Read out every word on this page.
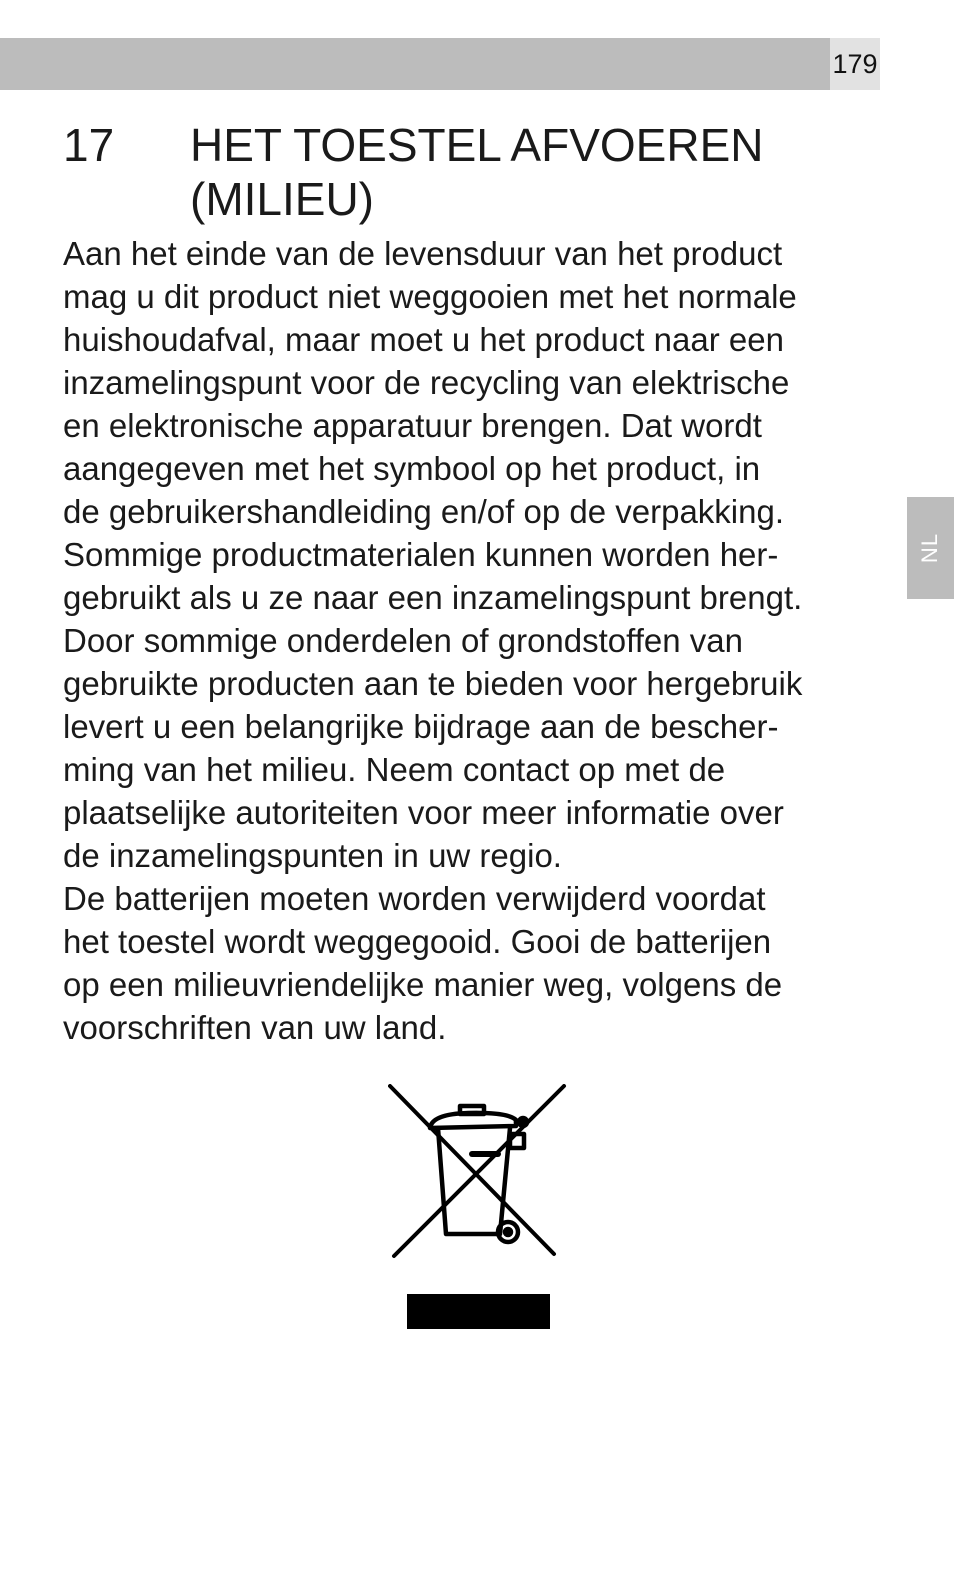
179
17	HET TOESTEL AFVOEREN
(MILIEU)

Aan het einde van de levensduur van het product
mag u dit product niet weggooien met het normale
huishoudafval, maar moet u het product naar een
inzamelingspunt voor de recycling van elektrische
en elektronische apparatuur brengen. Dat wordt
aangegeven met het symbool op het product, in
de gebruikershandleiding en/of op de verpakking.
Sommige productmaterialen kunnen worden her-
gebruikt als u ze naar een inzamelingspunt brengt.
Door sommige onderdelen of grondstoffen van
gebruikte producten aan te bieden voor hergebruik
levert u een belangrijke bijdrage aan de bescher-
ming van het milieu. Neem contact op met de
plaatselijke autoriteiten voor meer informatie over
de inzamelingspunten in uw regio.

De batterijen moeten worden verwijderd voordat
het toestel wordt weggegooid. Gooi de batterijen
op een milieuvriendelijke manier weg, volgens de
voorschriften van uw land.

NL
